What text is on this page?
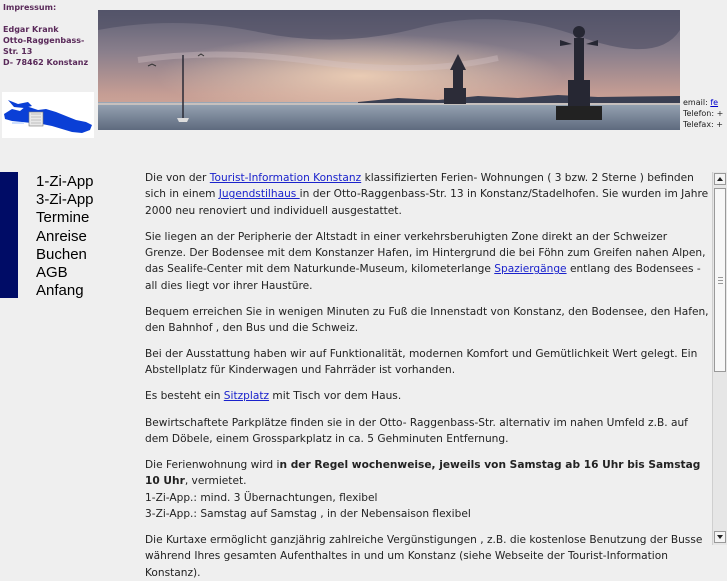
Impressum:
Edgar Krank
Otto-Raggenbass-
Str. 13
D- 78462 Konstanz
email: fe
Telefon: +
Telefax: +
1-Zi-App
3-Zi-App
Termine
Anreise
Buchen
AGB
Anfang

Die von der Tourist-Information Konstanz klassifizierten Ferien- Wohnungen ( 3 bzw. 2 Sterne ) befinden sich in einem Jugendstilhaus in der Otto-Raggenbass-Str. 13 in Konstanz/Stadelhofen. Sie wurden im Jahre 2000 neu renoviert und individuell ausgestattet.

Sie liegen an der Peripherie der Altstadt in einer verkehrsberuhigten Zone direkt an der Schweizer Grenze. Der Bodensee mit dem Konstanzer Hafen, im Hintergrund die bei Föhn zum Greifen nahen Alpen, das Sealife-Center mit dem Naturkunde-Museum, kilometerlange Spaziergänge entlang des Bodensees - all dies liegt vor ihrer Haustüre.

Bequem erreichen Sie in wenigen Minuten zu Fuß die Innenstadt von Konstanz, den Bodensee, den Hafen, den Bahnhof , den Bus und die Schweiz.

Bei der Ausstattung haben wir auf Funktionalität, modernen Komfort und Gemütlichkeit Wert gelegt. Ein Abstellplatz für Kinderwagen und Fahrräder ist vorhanden.

Es besteht ein Sitzplatz mit Tisch vor dem Haus.

Bewirtschaftete Parkplätze finden sie in der Otto- Raggenbass-Str. alternativ im nahen Umfeld z.B. auf dem Döbele, einem Grossparkplatz in ca. 5 Gehminuten Entfernung.

Die Ferienwohnung wird in der Regel wochenweise, jeweils von Samstag ab 16 Uhr bis Samstag 10 Uhr, vermietet.
1-Zi-App.: mind. 3 Übernachtungen, flexibel
3-Zi-App.: Samstag auf Samstag , in der Nebensaison flexibel

Die Kurtaxe ermöglicht ganzjährig zahlreiche Vergünstigungen , z.B. die kostenlose Benutzung der Busse während Ihres gesamten Aufenthaltes in und um Konstanz (siehe Webseite der Tourist-Information Konstanz).
